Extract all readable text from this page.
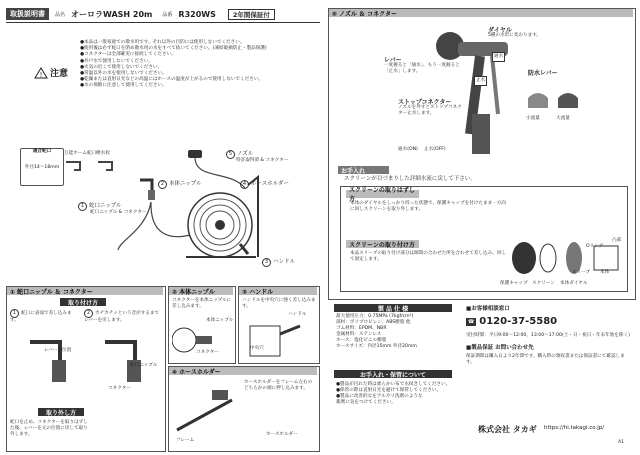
取扱説明書	品名 オーロラWASH 20m 品番 R320WS	2年間保証付
! 注意
●本品は一般家庭での散水用です。それ以外の目的には使用しないでください。
●使用後は必ず蛇口を閉め散水用の水をすべて抜いてください。(凍結破損防止・製品保護)
●コネクターは全部確実に接続してください。
●井戸水で使用しないでください。
●火気の近くで使用しないでください。
●常温以外の水を使用しないでください。
●乾燥または直射日光などの高温にはホースの温度が上がるので使用しないでください。
●水の飛散に注意して使用してください。
適合蛇口
外径14～18mm
万能ホーム蛇口 横水栓
1 蛇口ニップル
蛇口ニップル & コネクター
2 本体ニップル	4 ホースホルダー
5 ノズル
特許取得済 & コネクター
3 ハンドル
① 蛇口ニップル ＆ コネクター
取り付け方
1 蛇口に表面で差し込みます。
2 カチカチッという音がするまでレバーを戻します。
レバーの位置
蛇口ニップル
コネクター
取り外し方
蛇口を止め、コネクターを取りはずした後、レバーを元の位置に戻して取り外します。
② 本体ニップル
コネクターを本体ニップルに差し込みます。
本体ニップル
コネクター
③ ハンドル
ハンドルを中央穴に強く差し込みます。
ハンドル
中央穴
④ ホースホルダー
ホースホルダーをフレーム左右のどちらかの端に押し込みます。
フレーム
ホースホルダー
⑤ ノズル ＆ コネクター
止水
通水
ダイヤル
5種の水形に変わります。
レバー
一度握ると「通水」、もう一度握ると「止水」します。	防水レバー
小流量	大流量
ストップコネクター
ノズルを外すとストップコネクター止水します。
通水(ON) 止水(OFF)
お手入れ
スクリーンが目づまりした詳細水流に戻して下さい。
スクリーンの取りはずし方
本体のダイヤルをしっかり持った状態で、保護キャップを付けたまま一方向に回しスクリーンを取り外します。
スクリーンの取り付け方
本品スリーブの取り付け部分は隙間の合わせた所を合わせて差し込み、回して固定します。
保護キャップ スクリーン 本体ダイヤル
スリーブ 本体
Oリング
凸部
製 品 仕 様
最大使用圧力：0.75MPa (7kgf/cm²)
部材：ポリプロピレン、ABS樹脂 他
ゴム材料：EPDM、NBR
金属材料：ステンレス
ホース：塩化ビニル樹脂
ホースサイズ：内径15mm 外径20mm
お手入れ・保管について
●製品が汚れた時は柔らかい布で水拭きしてください。
●保管の際は直射日光を避けて保管してください。
●製品に改善的なをアルカリ洗剤のような
薬剤に気をつけてください。
■お客様相談窓口
☎ 0120-37-5580
受付時間：平日9:00～12:00、13:00～17:00(土・日・祝日・年末年始を除く)
■製品保証 お問い合わせ先
保証期間は購入日より2年間です。購入時の領収書または保証書にて確認します。
株式会社 タカギ https://hi.takagi.co.jp/
A1
